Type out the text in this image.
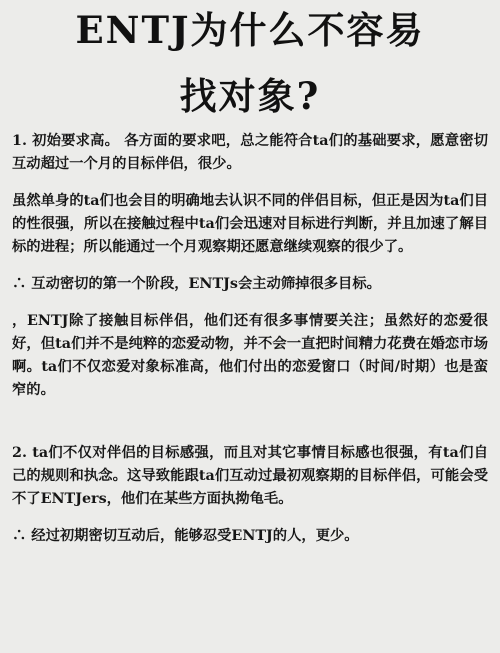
ENTJ为什么不容易
找对象?

1. 初始要求高。 各方面的要求吧，总之能符合ta们的基础要求，愿意密切互动超过一个月的目标伴侣，很少。

虽然单身的ta们也会目的明确地去认识不同的伴侣目标，但正是因为ta们目的性很强，所以在接触过程中ta们会迅速对目标进行判断，并且加速了解目标的进程；所以能通过一个月观察期还愿意继续观察的很少了。

∴ 互动密切的第一个阶段，ENTJs会主动筛掉很多目标。

，ENTJ除了接触目标伴侣，他们还有很多事情要关注；虽然好的恋爱很好，但ta们并不是纯粹的恋爱动物，并不会一直把时间精力花费在婚恋市场啊。ta们不仅恋爱对象标准高，他们付出的恋爱窗口（时间/时期）也是蛮窄的。

2. ta们不仅对伴侣的目标感强，而且对其它事情目标感也很强，有ta们自己的规则和执念。这导致能跟ta们互动过最初观察期的目标伴侣，可能会受不了ENTJers，他们在某些方面执拗龟毛。

∴ 经过初期密切互动后，能够忍受ENTJ的人，更少。
